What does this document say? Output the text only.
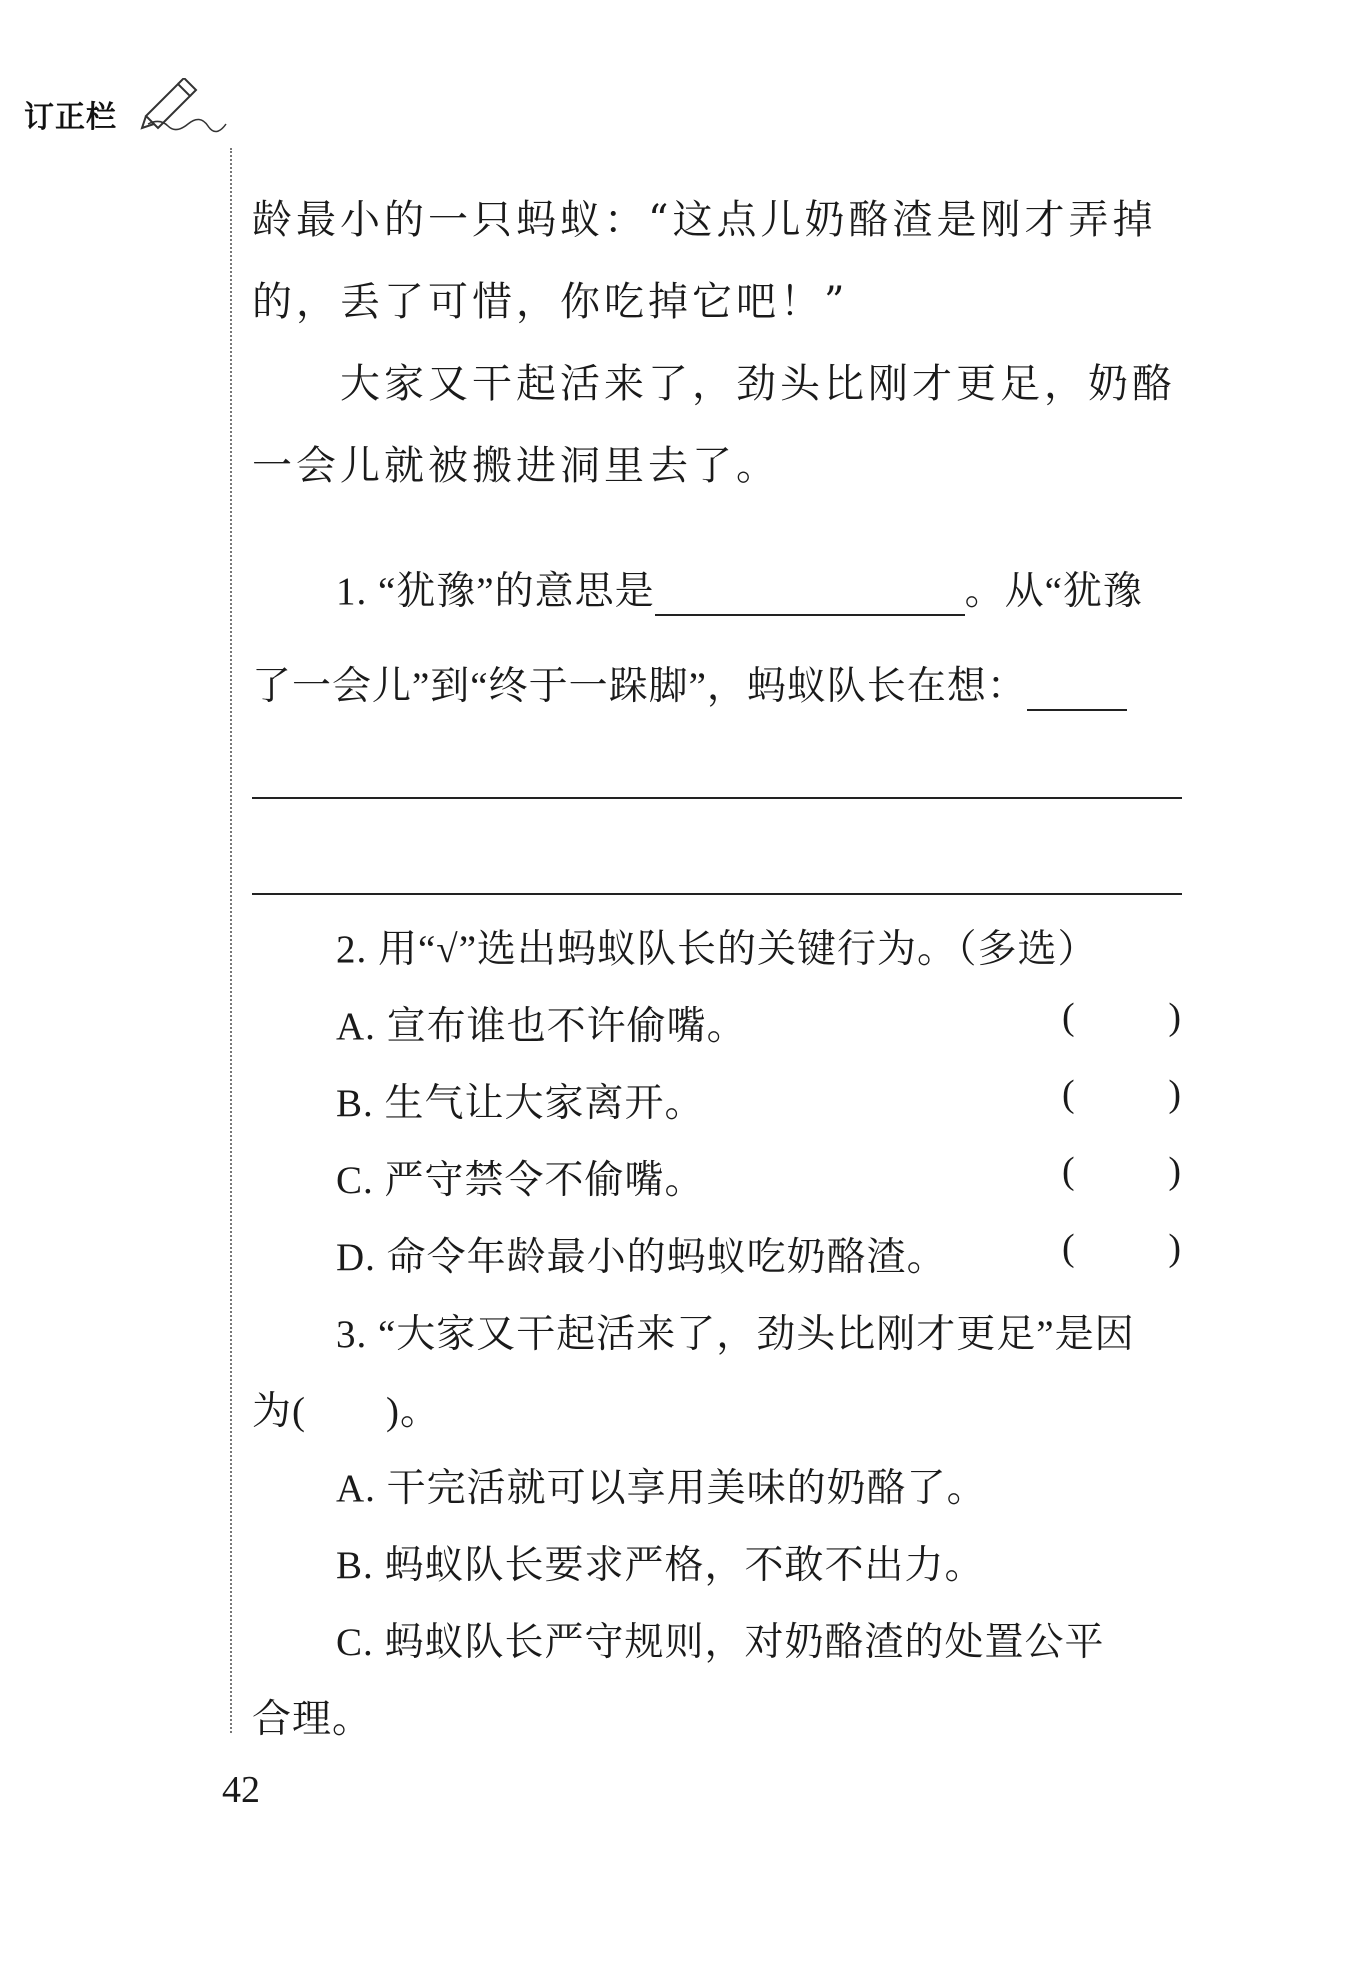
订正栏
龄最小的一只蚂蚁：“这点儿奶酪渣是刚才弄掉
的，丢了可惜，你吃掉它吧！”
　　大家又干起活来了，劲头比刚才更足，奶酪
一会儿就被搬进洞里去了。
1. “犹豫”的意思是	。从“犹豫
了一会儿”到“终于一跺脚”，蚂蚁队长在想：
2. 用“√”选出蚂蚁队长的关键行为。（多选）
A. 宣布谁也不许偷嘴。	( )
B. 生气让大家离开。	( )
C. 严守禁令不偷嘴。	( )
D. 命令年龄最小的蚂蚁吃奶酪渣。	( )
3. “大家又干起活来了，劲头比刚才更足”是因
为(　　)。
A. 干完活就可以享用美味的奶酪了。
B. 蚂蚁队长要求严格，不敢不出力。
C. 蚂蚁队长严守规则，对奶酪渣的处置公平
合理。
42
